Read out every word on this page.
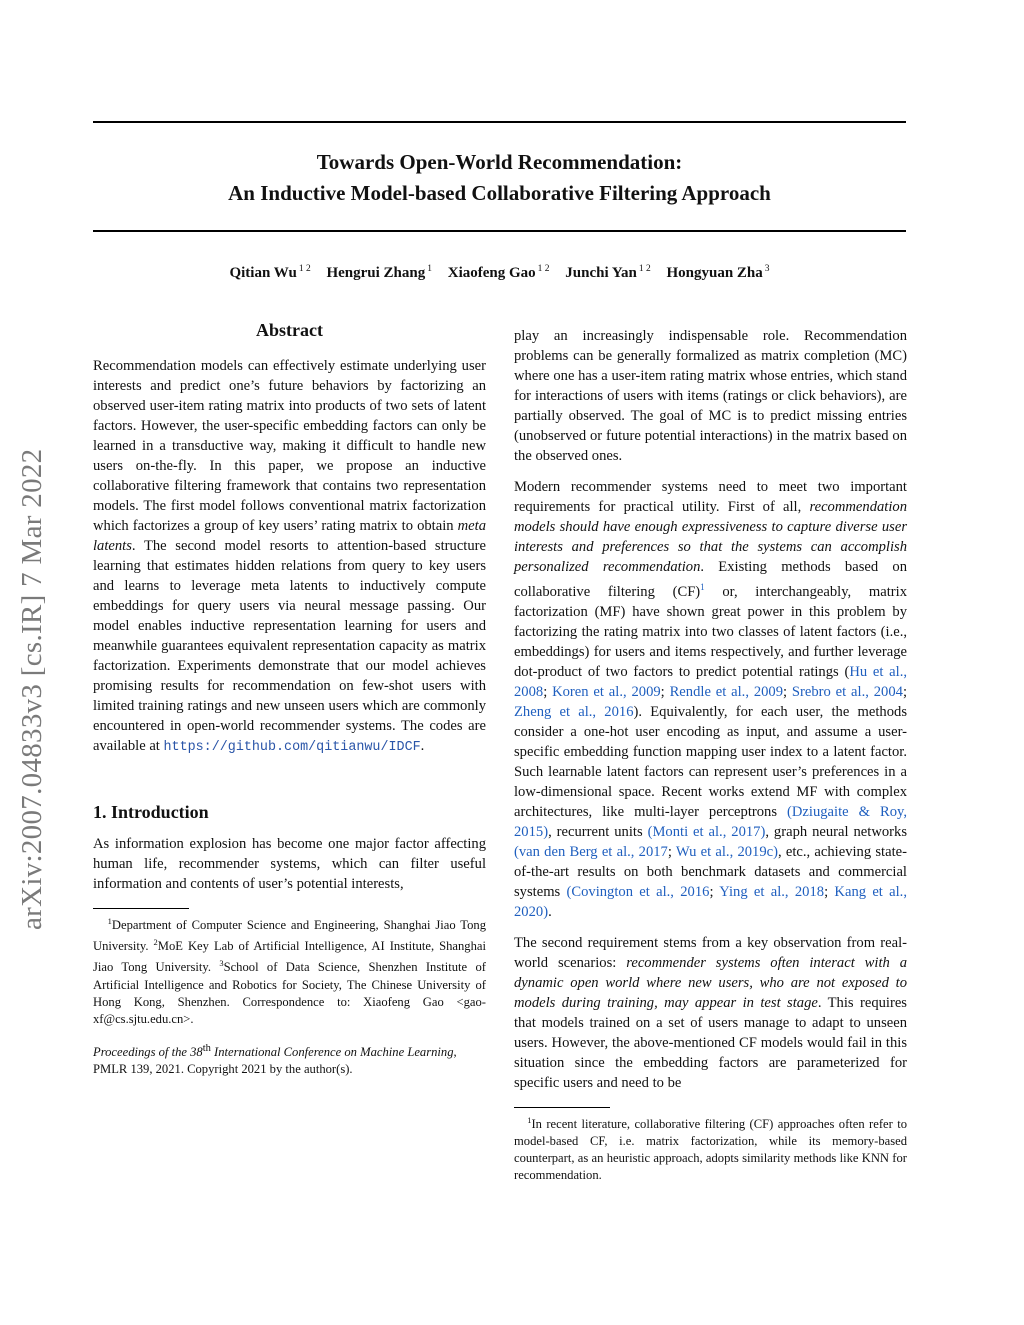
arXiv:2007.04833v3 [cs.IR] 7 Mar 2022
Towards Open-World Recommendation:
An Inductive Model-based Collaborative Filtering Approach
Qitian Wu $^{1 2}$ Hengrui Zhang $^1$ Xiaofeng Gao $^{1 2}$ Junchi Yan $^{1 2}$ Hongyuan Zha $^3$
Abstract

Recommendation models can effectively estimate underlying user interests and predict one’s future behaviors by factorizing an observed user-item rating matrix into products of two sets of latent factors. However, the user-specific embedding factors can only be learned in a transductive way, making it difficult to handle new users on-the-fly. In this paper, we propose an inductive collaborative filtering framework that contains two representation models. The first model follows conventional matrix factorization which factorizes a group of key users’ rating matrix to obtain meta latents. The second model resorts to attention-based structure learning that estimates hidden relations from query to key users and learns to leverage meta latents to inductively compute embeddings for query users via neural message passing. Our model enables inductive representation learning for users and meanwhile guarantees equivalent representation capacity as matrix factorization. Experiments demonstrate that our model achieves promising results for recommendation on few-shot users with limited training ratings and new unseen users which are commonly encountered in open-world recommender systems. The codes are available at https://github.com/qitianwu/IDCF.

1. Introduction

As information explosion has become one major factor affecting human life, recommender systems, which can filter useful information and contents of user’s potential interests,

$^1$Department of Computer Science and Engineering, Shanghai Jiao Tong University. $^2$MoE Key Lab of Artificial Intelligence, AI Institute, Shanghai Jiao Tong University. $^3$School of Data Science, Shenzhen Institute of Artificial Intelligence and Robotics for Society, The Chinese University of Hong Kong, Shenzhen. Correspondence to: Xiaofeng Gao <gao-xf@cs.sjtu.edu.cn>.

Proceedings of the 38th International Conference on Machine Learning, PMLR 139, 2021. Copyright 2021 by the author(s).

play an increasingly indispensable role. Recommendation problems can be generally formalized as matrix completion (MC) where one has a user-item rating matrix whose entries, which stand for interactions of users with items (ratings or click behaviors), are partially observed. The goal of MC is to predict missing entries (unobserved or future potential interactions) in the matrix based on the observed ones.

Modern recommender systems need to meet two important requirements for practical utility. First of all, recommendation models should have enough expressiveness to capture diverse user interests and preferences so that the systems can accomplish personalized recommendation. Existing methods based on collaborative filtering (CF)$^1$ or, interchangeably, matrix factorization (MF) have shown great power in this problem by factorizing the rating matrix into two classes of latent factors (i.e., embeddings) for users and items respectively, and further leverage dot-product of two factors to predict potential ratings (Hu et al., 2008; Koren et al., 2009; Rendle et al., 2009; Srebro et al., 2004; Zheng et al., 2016). Equivalently, for each user, the methods consider a one-hot user encoding as input, and assume a user-specific embedding function mapping user index to a latent factor. Such learnable latent factors can represent user’s preferences in a low-dimensional space. Recent works extend MF with complex architectures, like multi-layer perceptrons (Dziugaite & Roy, 2015), recurrent units (Monti et al., 2017), graph neural networks (van den Berg et al., 2017; Wu et al., 2019c), etc., achieving state-of-the-art results on both benchmark datasets and commercial systems (Covington et al., 2016; Ying et al., 2018; Kang et al., 2020).

The second requirement stems from a key observation from real-world scenarios: recommender systems often interact with a dynamic open world where new users, who are not exposed to models during training, may appear in test stage. This requires that models trained on a set of users manage to adapt to unseen users. However, the above-mentioned CF models would fail in this situation since the embedding factors are parameterized for specific users and need to be

$^1$In recent literature, collaborative filtering (CF) approaches often refer to model-based CF, i.e. matrix factorization, while its memory-based counterpart, as an heuristic approach, adopts similarity methods like KNN for recommendation.
